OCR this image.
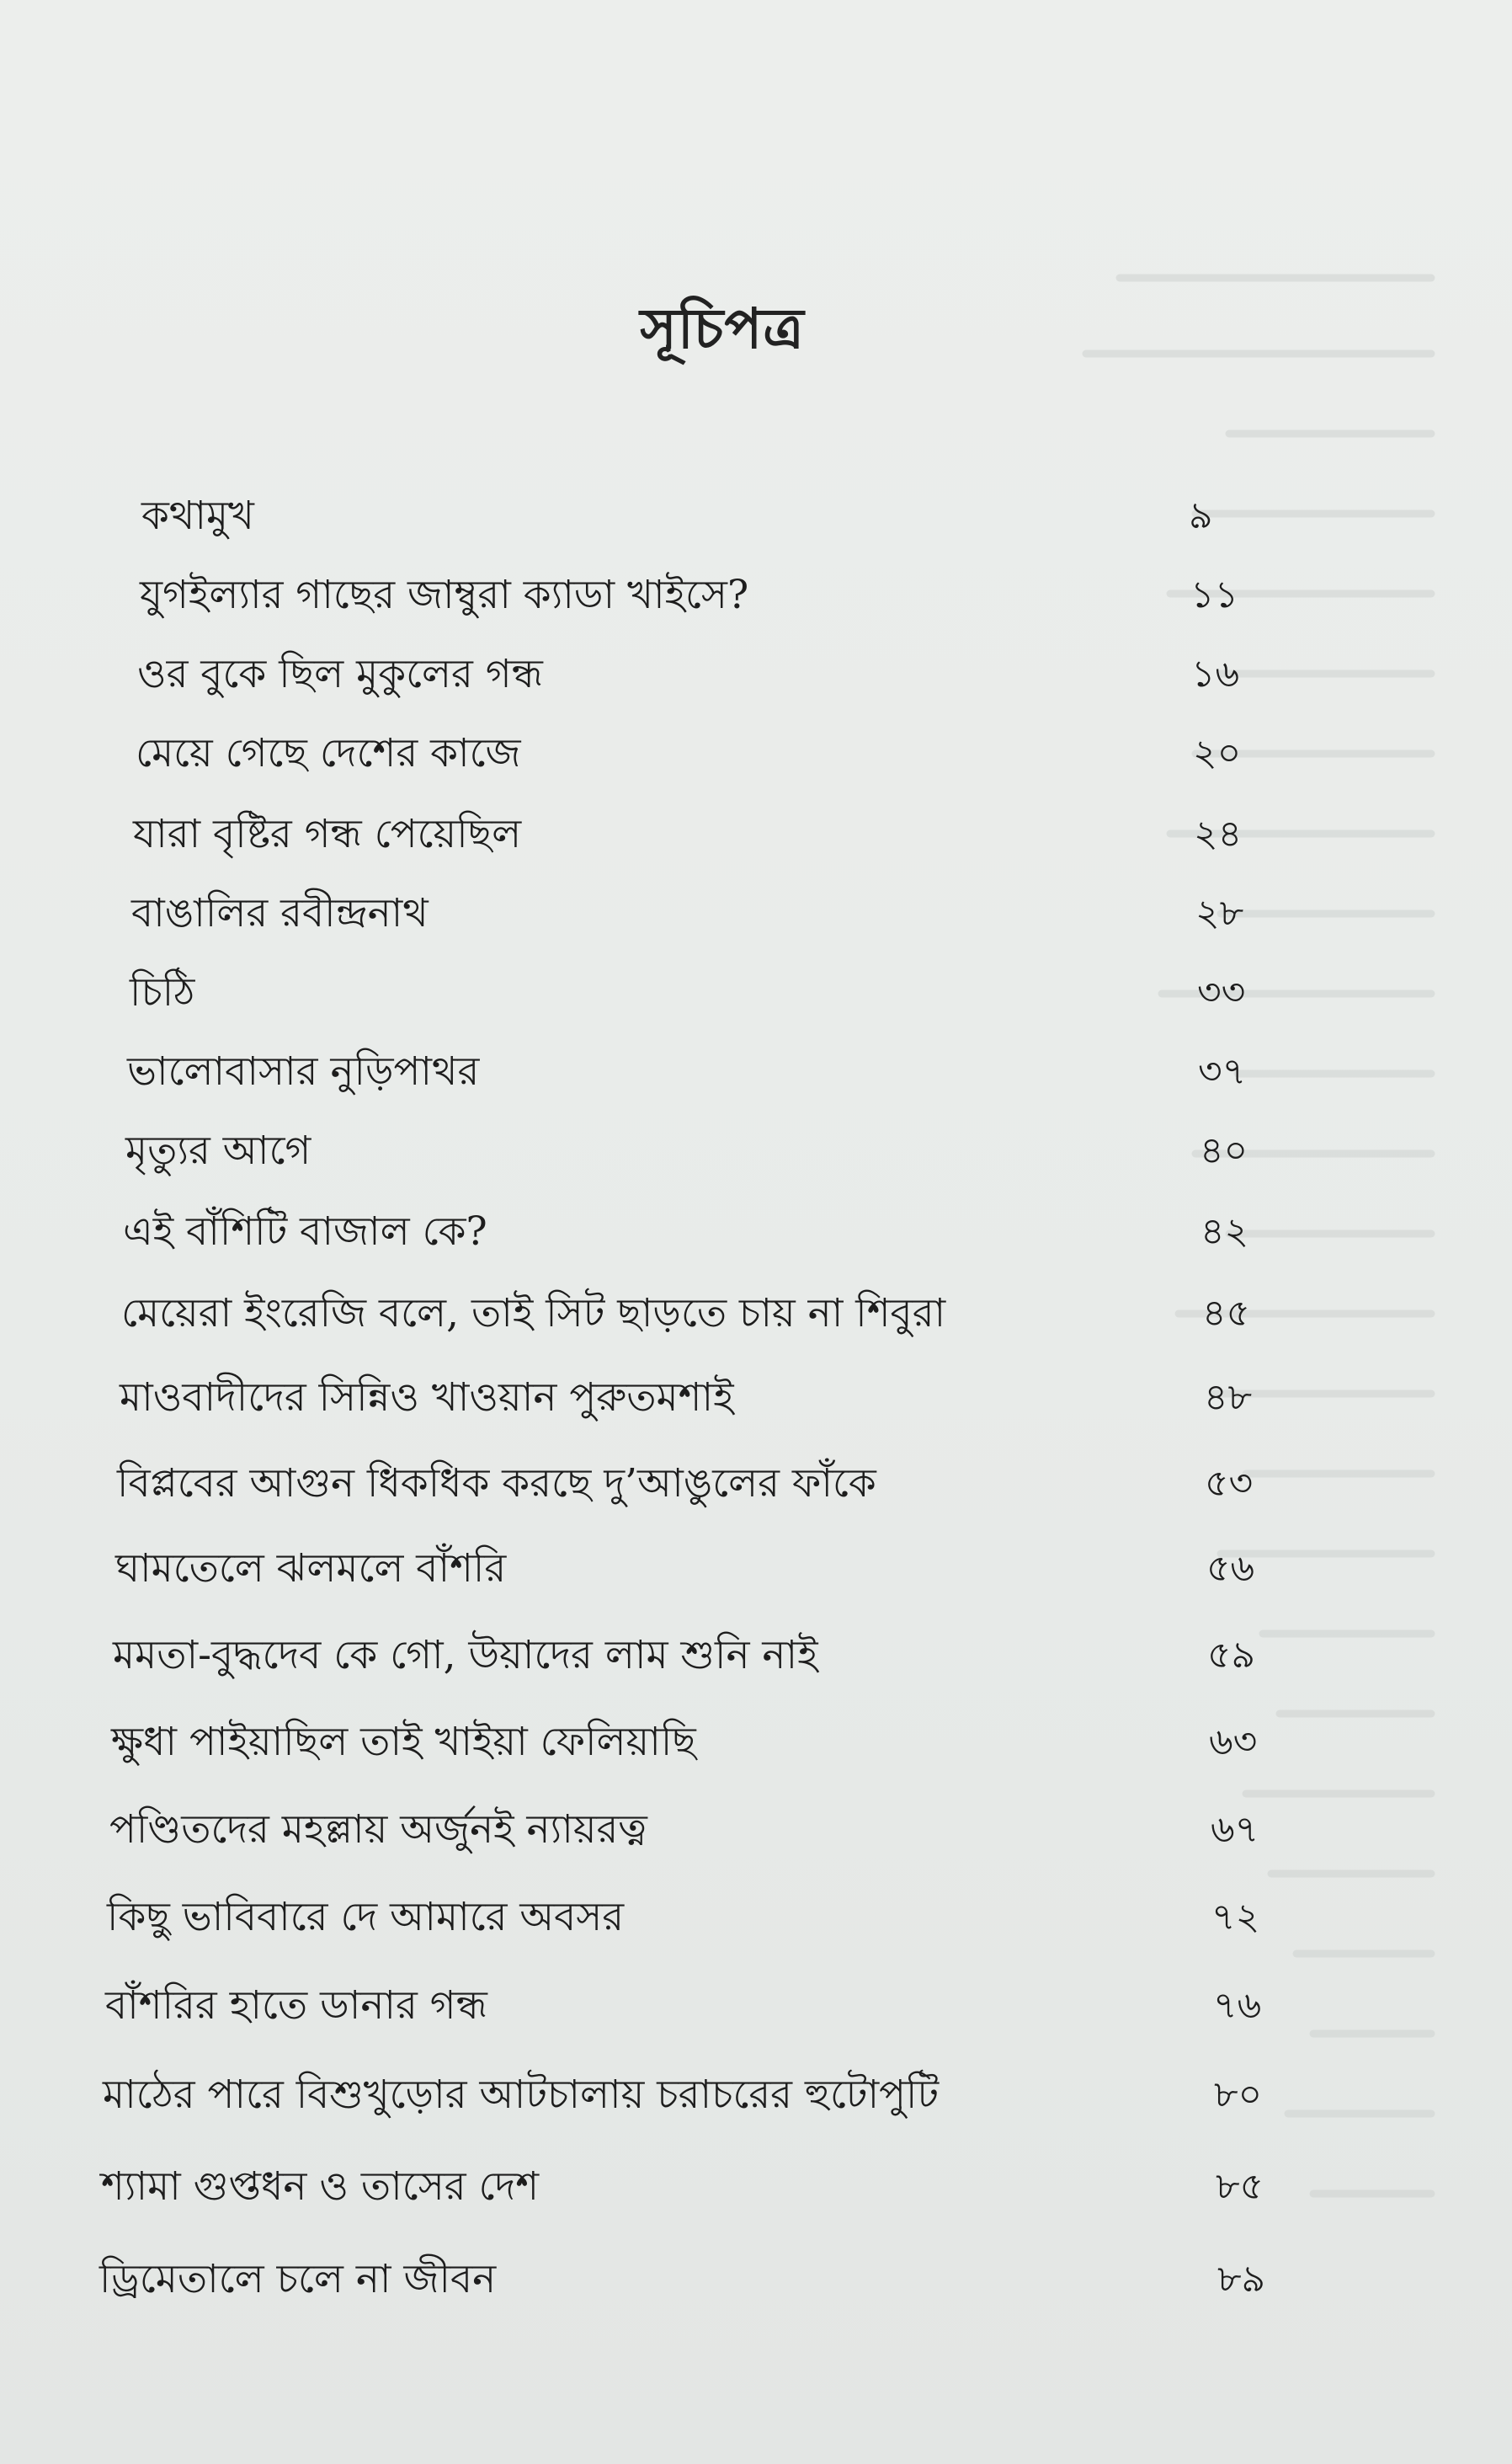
সূচিপত্র
কথামুখ	৯
যুগইল্যার গাছের জাম্বুরা ক্যাডা খাইসে?	১১
ওর বুকে ছিল মুকুলের গন্ধ	১৬
মেয়ে গেছে দেশের কাজে	২০
যারা বৃষ্টির গন্ধ পেয়েছিল	২৪
বাঙালির রবীন্দ্রনাথ	২৮
চিঠি	৩৩
ভালোবাসার নুড়িপাথর	৩৭
মৃত্যুর আগে	৪০
এই বাঁশিটি বাজাল কে?	৪২
মেয়েরা ইংরেজি বলে, তাই সিট ছাড়তে চায় না শিবুরা	৪৫
মাওবাদীদের সিন্নিও খাওয়ান পুরুতমশাই	৪৮
বিপ্লবের আগুন ধিকধিক করছে দু’আঙুলের ফাঁকে	৫৩
ঘামতেলে ঝলমলে বাঁশরি	৫৬
মমতা-বুদ্ধদেব কে গো, উয়াদের লাম শুনি নাই	৫৯
ক্ষুধা পাইয়াছিল তাই খাইয়া ফেলিয়াছি	৬৩
পণ্ডিতদের মহল্লায় অর্জুনই ন্যায়রত্ন	৬৭
কিছু ভাবিবারে দে আমারে অবসর	৭২
বাঁশরির হাতে ডানার গন্ধ	৭৬
মাঠের পারে বিশুখুড়োর আটচালায় চরাচরের হুটোপুটি	৮০
শ্যামা গুপ্তধন ও তাসের দেশ	৮৫
ড্রিমেতালে চলে না জীবন	৮৯
